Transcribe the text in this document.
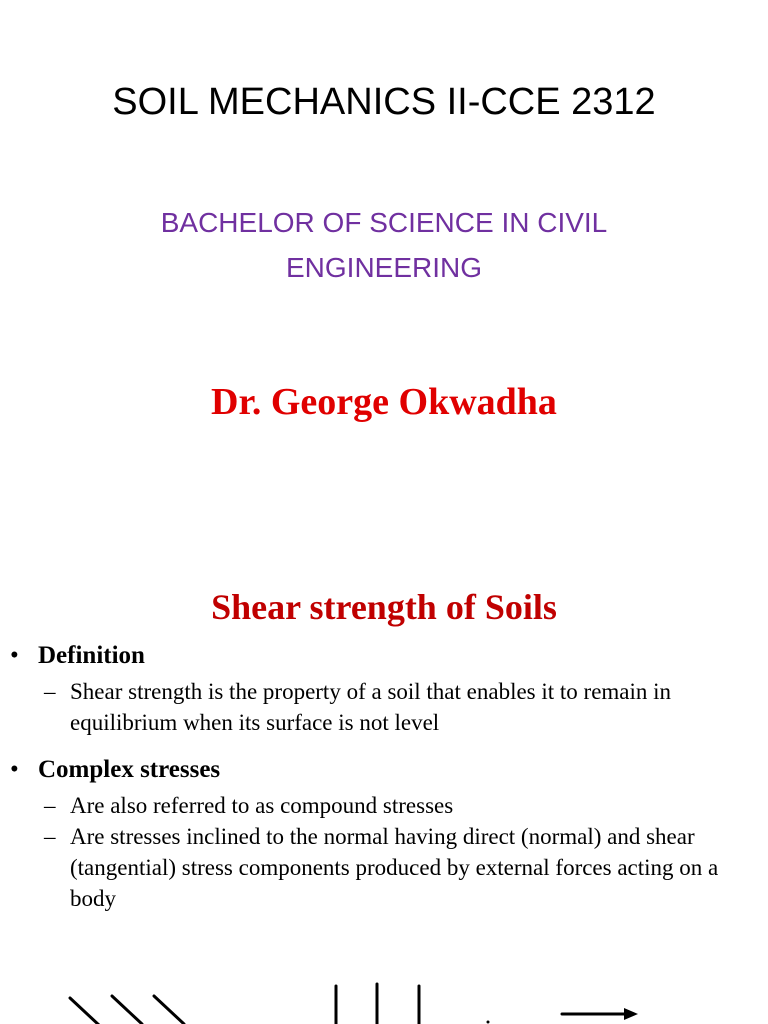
SOIL MECHANICS II-CCE 2312
BACHELOR OF SCIENCE IN CIVIL
ENGINEERING
Dr. George Okwadha
Shear strength of Soils
• Definition
– Shear strength is the property of a soil that enables it to remain in equilibrium when its surface is not level
• Complex stresses
– Are also referred to as compound stresses
– Are stresses inclined to the normal having direct (normal) and shear (tangential) stress components produced by external forces acting on a body
